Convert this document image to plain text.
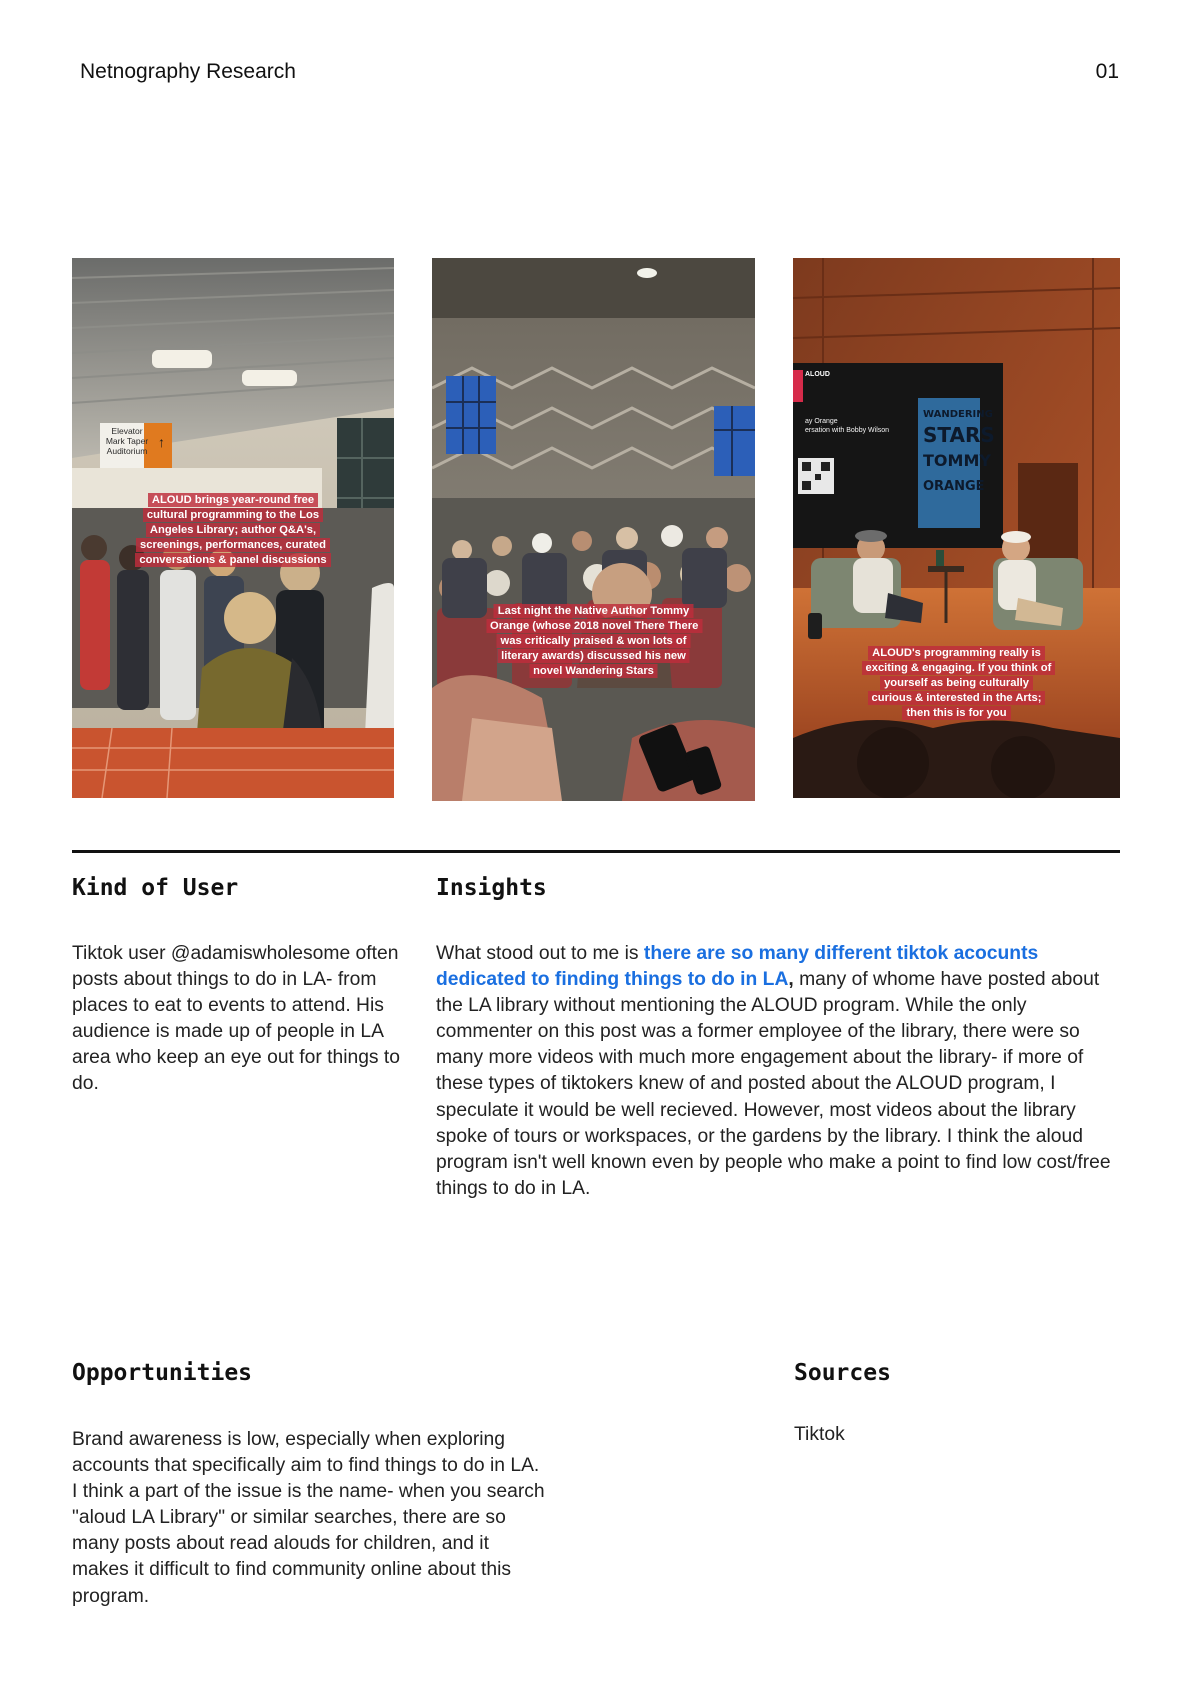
Netnography Research	01
Elevator
Mark Taper
Auditorium
↑
ALOUD brings year-round free cultural programming to the Los Angeles Library; author Q&A's, screenings, performances, curated conversations & panel discussions
Last night the Native Author Tommy Orange (whose 2018 novel There There was critically praised & won lots of literary awards) discussed his new novel Wandering Stars
WANDERING
STARS
TOMMY
ORANGE
ALOUD
ay Orange
ersation with Bobby Wilson
ALOUD's programming really is exciting & engaging. If you think of yourself as being culturally curious & interested in the Arts; then this is for you
Kind of User

Tiktok user @adamiswholesome often posts about things to do in LA- from places to eat to events to attend. His audience is made up of people in LA area who keep an eye out for things to do.

Insights

What stood out to me is there are so many different tiktok acocunts dedicated to finding things to do in LA, many of whome have posted about the LA library without mentioning the ALOUD program. While the only commenter on this post was a former employee of the library, there were so many more videos with much more engagement about the library- if more of these types of tiktokers knew of and posted about the ALOUD program, I speculate it would be well recieved. However, most videos about the library spoke of tours or workspaces, or the gardens by the library. I think the aloud program isn't well known even by people who make a point to find low cost/free things to do in LA.

Opportunities

Brand awareness is low, especially when exploring accounts that specifically aim to find things to do in LA. I think a part of the issue is the name- when you search "aloud LA Library" or similar searches, there are so many posts about read alouds for children, and it makes it difficult to find community online about this program.

Sources

Tiktok
